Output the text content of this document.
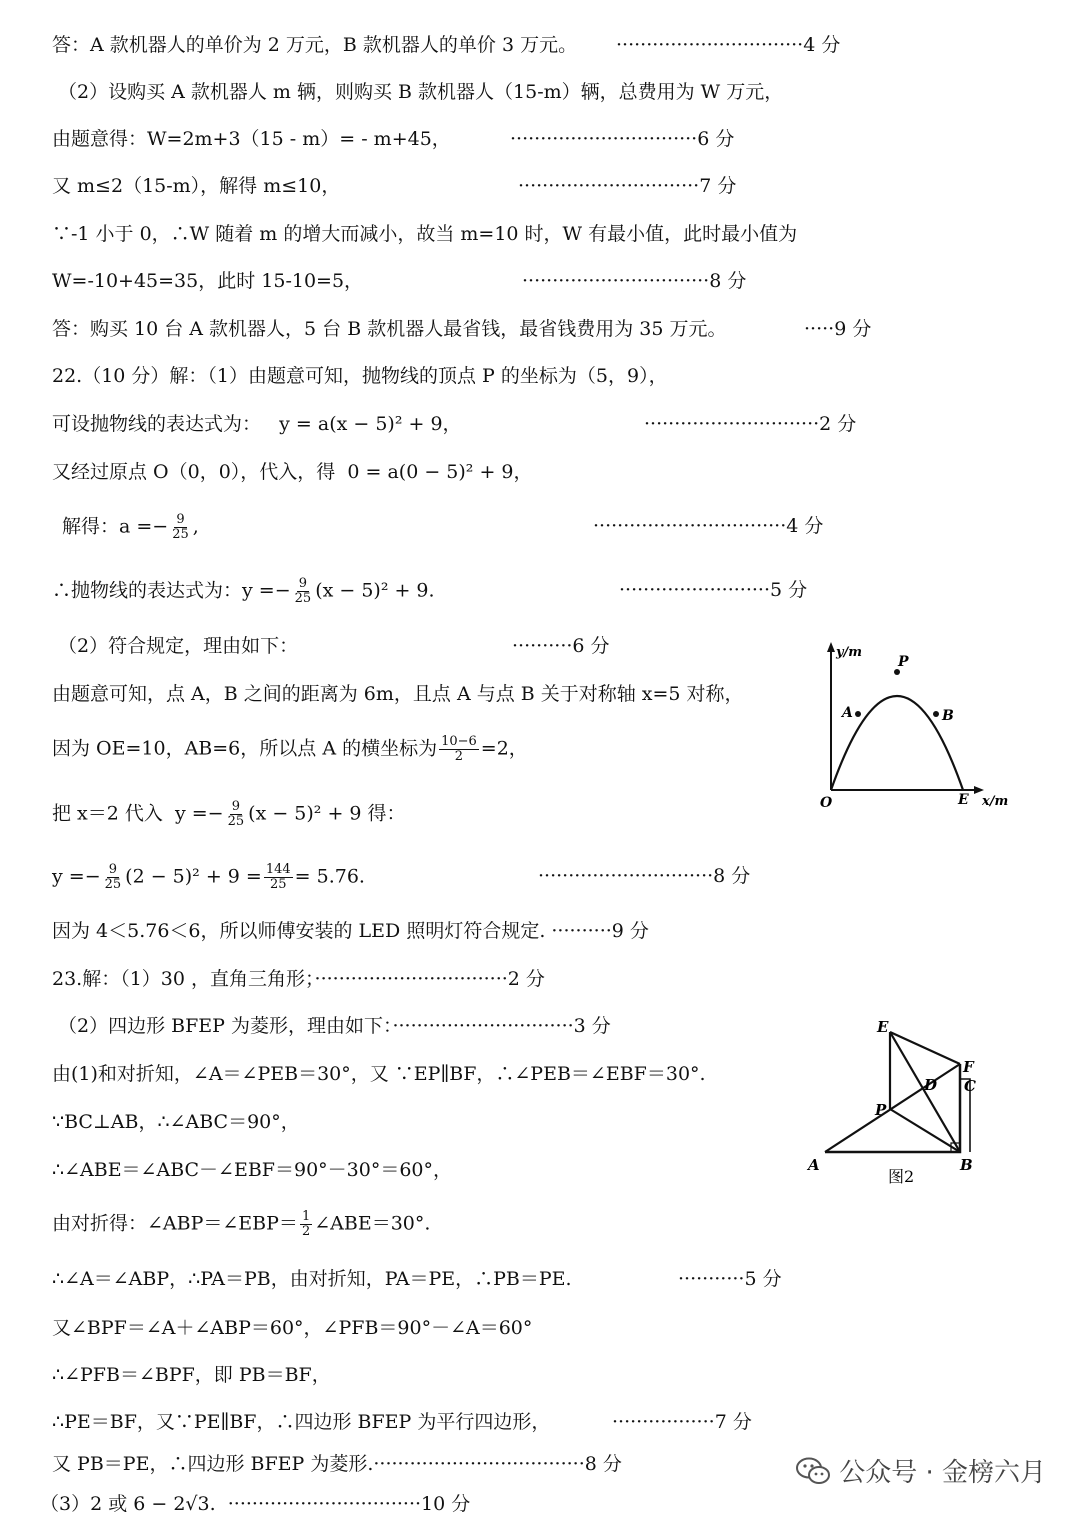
答：A 款机器人的单价为 2 万元，B 款机器人的单价 3 万元。 ·······························4 分
（2）设购买 A 款机器人 m 辆，则购买 B 款机器人（15-m）辆，总费用为 W 万元，
由题意得：W=2m+3（15 - m）= - m+45，	·······························6 分
又 m≤2（15-m），解得 m≤10，	······························7 分
∵-1 小于 0，∴W 随着 m 的增大而减小，故当 m=10 时，W 有最小值，此时最小值为
W=-10+45=35，此时 15-10=5，	·······························8 分
答：购买 10 台 A 款机器人，5 台 B 款机器人最省钱，最省钱费用为 35 万元。	·····9 分
22.（10 分）解：（1）由题意可知，抛物线的顶点 P 的坐标为（5，9），
可设抛物线的表达式为： y = a(x − 5)² + 9，	·····························2 分
又经过原点 O（0，0），代入，得 0 = a(0 − 5)² + 9，
解得：$a =- \frac{9}{25}$ ,	································4 分
∴抛物线的表达式为：$y =- \frac{9}{25} (x - 5)^2 + 9$.	·························5 分
（2）符合规定，理由如下：	··········6 分
由题意可知，点 A，B 之间的距离为 6m，且点 A 与点 B 关于对称轴 x=5 对称，
因为 OE=10，AB=6，所以点 A 的横坐标为 $\frac{10-6}{2} =2$，
把 x＝2 代入 $y =- \frac{9}{25} (x - 5)^2 + 9$ 得：
$y =- \frac{9}{25} (2 - 5)^2 + 9 = \frac{144}{25} = 5.76$.	·····························8 分
因为 4＜5.76＜6，所以师傅安装的 LED 照明灯符合规定. ··········9 分
23.解：（1）30 ，直角三角形；································2 分
（2）四边形 BFEP 为菱形，理由如下：······························3 分
由(1)和对折知，∠A＝∠PEB＝30°，又 ∵EP∥BF，∴∠PEB＝∠EBF＝30°.
∵BC⊥AB，∴∠ABC＝90°，
∴∠ABE＝∠ABC－∠EBF＝90°－30°＝60°，
由对折得：∠ABP＝∠EBP＝ $\frac{1}{2}$ ∠ABE＝30°.
∴∠A＝∠ABP，∴PA＝PB，由对折知，PA＝PE，∴PB＝PE.	···········5 分
又∠BPF＝∠A＋∠ABP＝60°，∠PFB＝90°－∠A＝60°
∴∠PFB＝∠BPF，即 PB＝BF，
∴PE＝BF，又∵PE∥BF，∴四边形 BFEP 为平行四边形，	·················7 分
又 PB＝PE，∴四边形 BFEP 为菱形.···································8 分
（3）2 或 6 − 2√3. ································10 分
y/m
x/m
O	E
P
A	B
E
F
D C
P
A	B
图2
公众号 · 金榜六月
